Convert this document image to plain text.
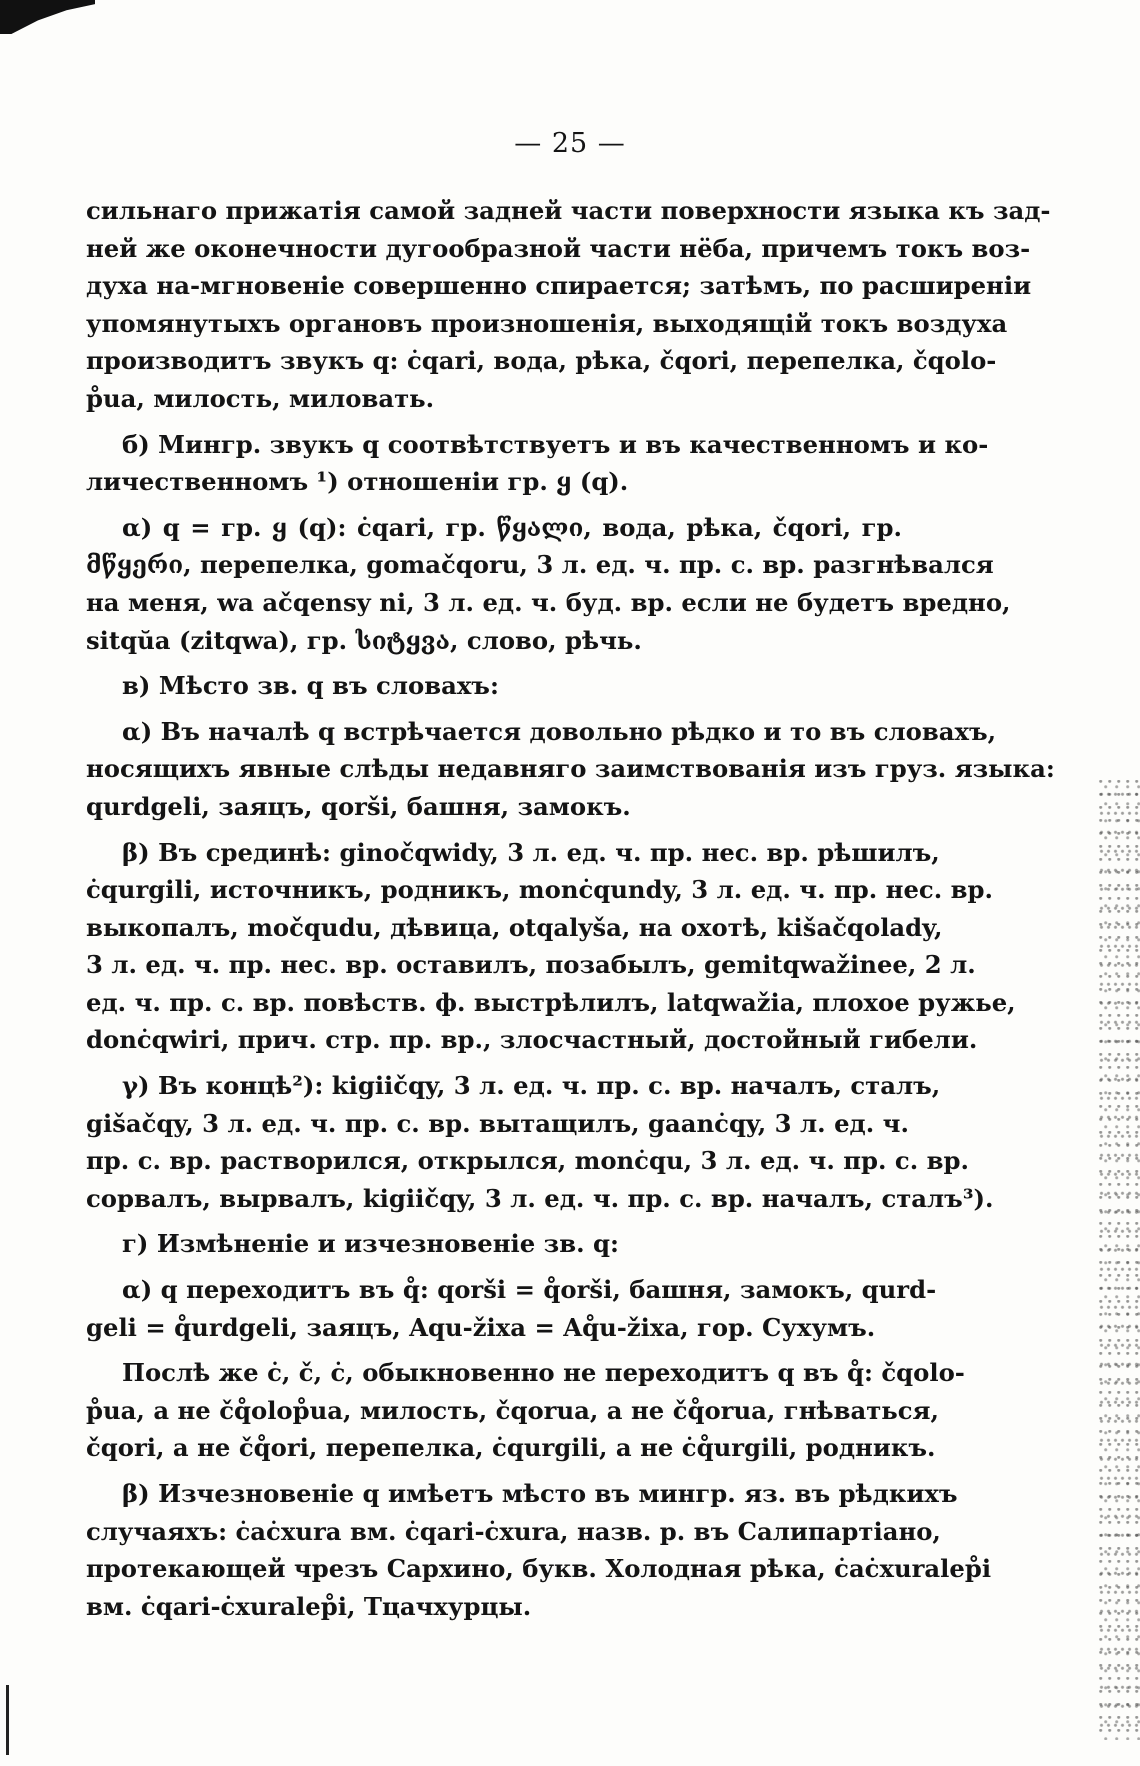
— 25 —
сильнаго прижатія самой задней части поверхности языка къ зад-
ней же оконечности дугообразной части нёба, причемъ токъ воз-
духа на-мгновеніе совершенно спирается; затѣмъ, по расширеніи
упомянутыхъ органовъ произношенія, выходящій токъ воздуха
производитъ звукъ q: ċqari, вода, рѣка, čqori, перепелка, čqolo-
p̊ua, милость, миловать.
б) Мингр. звукъ q соотвѣтствуетъ и въ качественномъ и ко-
личественномъ ¹) отношеніи гр. ყ (q).
α) q = гр. ყ (q): ċqari, гр. წყალი, вода, рѣка, čqori, гр.
მწყერი, перепелка, gomačqoru, 3 л. ед. ч. пр. с. вр. разгнѣвался
на меня, wa ačqensy ni, 3 л. ед. ч. буд. вр. если не будетъ вредно,
sitqŭa (zitqwa), гр. სიტყვა, слово, рѣчь.
в) Мѣсто зв. q въ словахъ:
α) Въ началѣ q встрѣчается довольно рѣдко и то въ словахъ,
носящихъ явные слѣды недавняго заимствованія изъ груз. языка:
qurdgeli, заяцъ, qorši, башня, замокъ.
β) Въ срединѣ: ginočqwidy, 3 л. ед. ч. пр. нес. вр. рѣшилъ,
ċqurgili, источникъ, родникъ, monċqundy, 3 л. ед. ч. пр. нес. вр.
выкопалъ, močqudu, дѣвица, otqalyša, на охотѣ, kišačqolady,
3 л. ед. ч. пр. нес. вр. оставилъ, позабылъ, gemitqwažinee, 2 л.
ед. ч. пр. с. вр. повѣств. ф. выстрѣлилъ, latqwažia, плохое ружье,
donċqwiri, прич. стр. пр. вр., злосчастный, достойный гибели.
γ) Въ концѣ²): kigiičqy, 3 л. ед. ч. пр. с. вр. началъ, сталъ,
gišačqy, 3 л. ед. ч. пр. с. вр. вытащилъ, gaanċqy, 3 л. ед. ч.
пр. с. вр. растворился, открылся, monċqu, 3 л. ед. ч. пр. с. вр.
сорвалъ, вырвалъ, kigiičqy, 3 л. ед. ч. пр. с. вр. началъ, сталъ³).
г) Измѣненіе и изчезновеніе зв. q:
α) q переходитъ въ q̊: qorši = q̊orši, башня, замокъ, qurd-
geli = q̊urdgeli, заяцъ, Aqu-žixa = Aq̊u-žixa, гор. Сухумъ.
Послѣ же ċ, č, ċ, обыкновенно не переходитъ q въ q̊: čqolo-
p̊ua, а не čq̊olop̊ua, милость, čqorua, а не čq̊orua, гнѣваться,
čqori, а не čq̊ori, перепелка, ċqurgili, а не ċq̊urgili, родникъ.
β) Изчезновеніе q имѣетъ мѣсто въ мингр. яз. въ рѣдкихъ
случаяхъ: ċaċxura вм. ċqari-ċxura, назв. р. въ Салипартіано,
протекающей чрезъ Сархино, букв. Холодная рѣка, ċaċxuralep̊i
вм. ċqari-ċxuralep̊i, Тцачхурцы.
